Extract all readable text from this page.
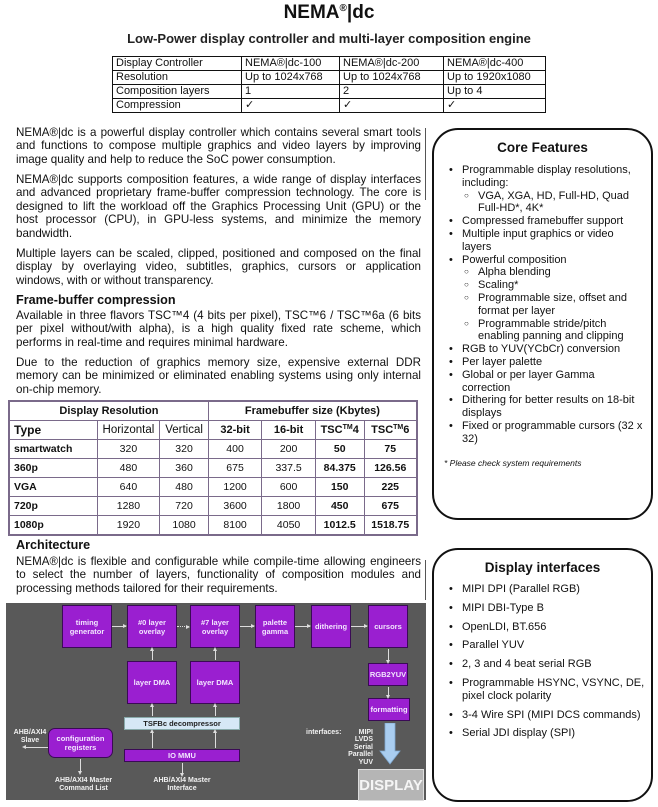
NEMA®|dc
Low-Power display controller and multi-layer composition engine
Display Controller	NEMA®|dc-100	NEMA®|dc-200	NEMA®|dc-400
Resolution	Up to 1024x768	Up to 1024x768	Up to 1920x1080
Composition layers	1	2	Up to 4
Compression	✓	✓	✓
NEMA®|dc is a powerful display controller which contains several smart tools and functions to compose multiple graphics and video layers by improving image quality and help to reduce the SoC power consumption.
NEMA®|dc supports composition features, a wide range of display interfaces and advanced proprietary frame-buffer compression technology. The core is designed to lift the workload off the Graphics Processing Unit (GPU) or the host processor (CPU), in GPU-less systems, and minimize the memory bandwidth.
Multiple layers can be scaled, clipped, positioned and composed on the final display by overlaying video, subtitles, graphics, cursors or application windows, with or without transparency.
Frame-buffer compression
Available in three flavors TSC™4 (4 bits per pixel), TSC™6 / TSC™6a (6 bits per pixel without/with alpha), is a high quality fixed rate scheme, which performs in real-time and requires minimal hardware.
Due to the reduction of graphics memory size, expensive external DDR memory can be minimized or eliminated enabling systems using only internal on-chip memory.
Display Resolution			Framebuffer size (Kbytes)			
Type	Horizontal	Vertical	32-bit	16-bit	TSC™4	TSC™6
smartwatch	320	320	400	200	50	75
360p	480	360	675	337.5	84.375	126.56
VGA	640	480	1200	600	150	225
720p	1280	720	3600	1800	450	675
1080p	1920	1080	8100	4050	1012.5	1518.75
Architecture
NEMA®|dc is flexible and configurable while compile-time allowing engineers to select the number of layers, functionality of composition modules and processing methods tailored for their requirements.
timing generator
#0 layer overlay
#7 layer overlay
palette gamma	dithering	cursors
layer DMA	layer DMA
RGB2YUV
formatting
TSFBc decompressor
IO MMU
configuration registers
AHB/AXI4 Slave
AHB/AXI4 Master Command List
AHB/AXI4 Master Interface
interfaces:	MIPI
LVDS
Serial
Parallel
YUV
DISPLAY
Core Features
• Programmable display resolutions, including:
○ VGA, XGA, HD, Full-HD, Quad Full-HD*, 4K*
• Compressed framebuffer support
• Multiple input graphics or video layers
• Powerful composition
○ Alpha blending
○ Scaling*
○ Programmable size, offset and format per layer
○ Programmable stride/pitch enabling panning and clipping
• RGB to YUV(YCbCr) conversion
• Per layer palette
• Global or per layer Gamma correction
• Dithering for better results on 18-bit displays
• Fixed or programmable cursors (32 x 32)
* Please check system requirements
Display interfaces
• MIPI DPI (Parallel RGB)
• MIPI DBI-Type B
• OpenLDI, BT.656
• Parallel YUV
• 2, 3 and 4 beat serial RGB
• Programmable HSYNC, VSYNC, DE, pixel clock polarity
• 3-4 Wire SPI (MIPI DCS commands)
• Serial JDI display (SPI)
